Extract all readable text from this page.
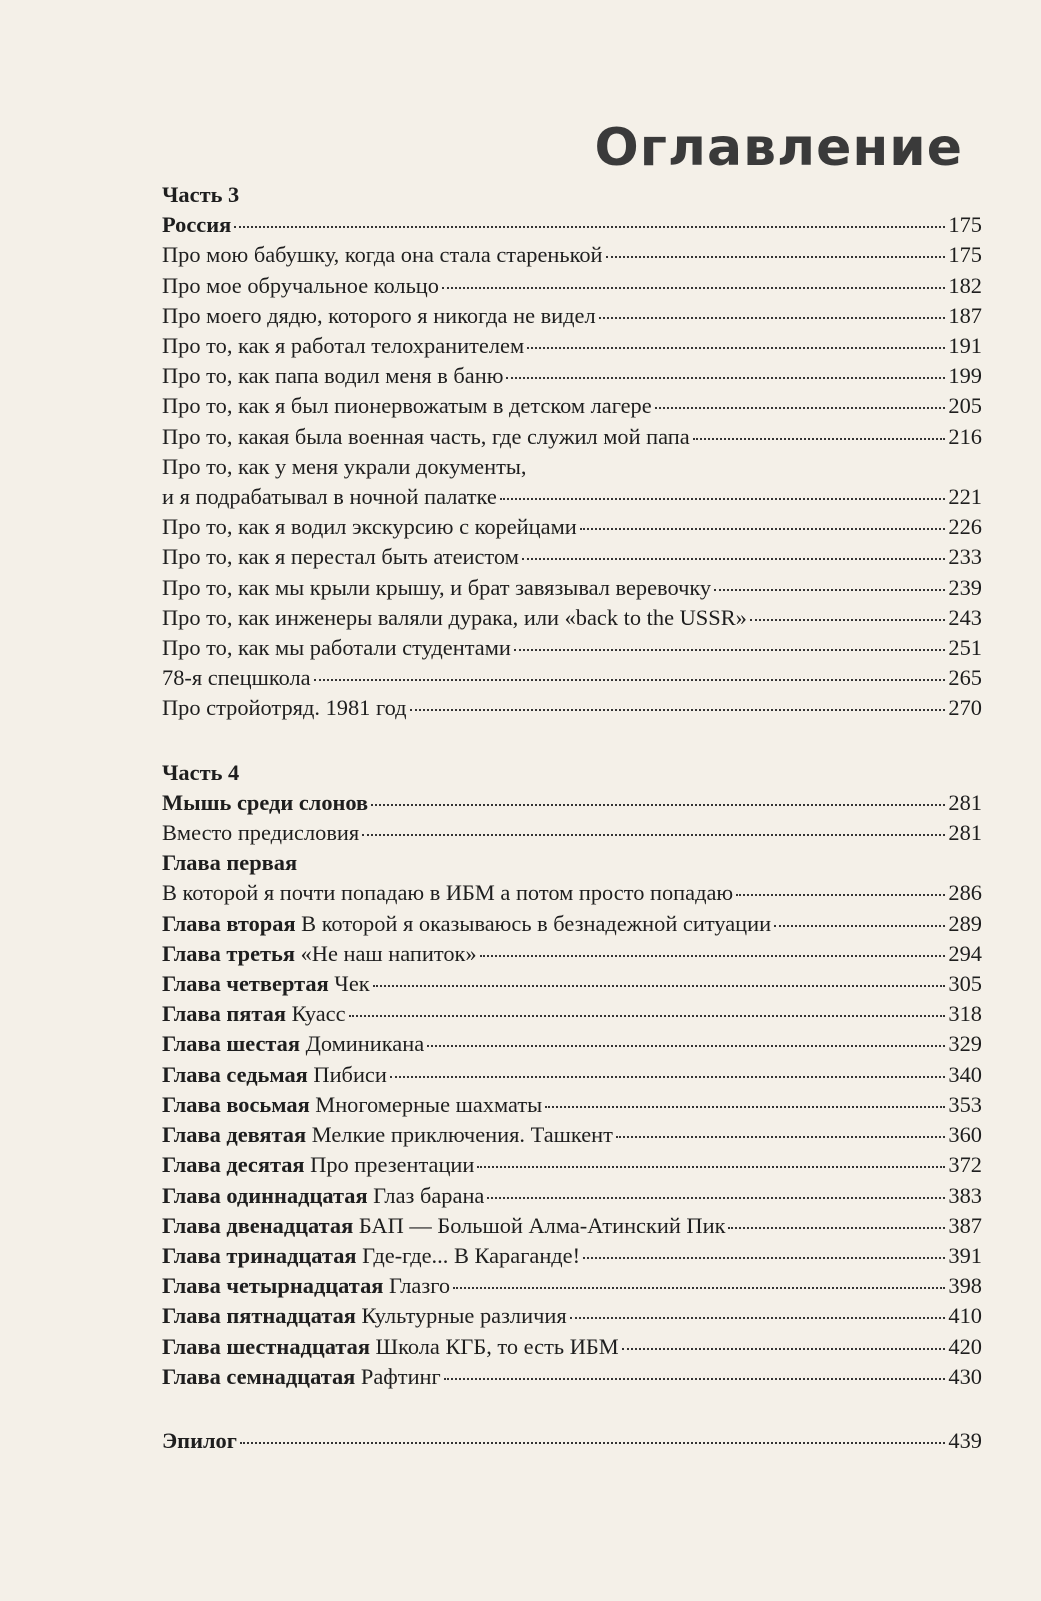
Оглавление
Часть 3
Россия	175
Про мою бабушку, когда она стала старенькой	175
Про мое обручальное кольцо	182
Про моего дядю, которого я никогда не видел	187
Про то, как я работал телохранителем	191
Про то, как папа водил меня в баню	199
Про то, как я был пионервожатым в детском лагере	205
Про то, какая была военная часть, где служил мой папа	216
Про то, как у меня украли документы,
и я подрабатывал в ночной палатке	221
Про то, как я водил экскурсию с корейцами	226
Про то, как я перестал быть атеистом	233
Про то, как мы крыли крышу, и брат завязывал веревочку	239
Про то, как инженеры валяли дурака, или «back to the USSR»	243
Про то, как мы работали студентами	251
78-я спецшкола	265
Про стройотряд. 1981 год	270
Часть 4
Мышь среди слонов	281
Вместо предисловия	281
Глава первая
В которой я почти попадаю в ИБМ а потом просто попадаю	286
Глава вторая В которой я оказываюсь в безнадежной ситуации	289
Глава третья «Не наш напиток»	294
Глава четвертая Чек	305
Глава пятая Куасс	318
Глава шестая Доминикана	329
Глава седьмая Пибиси	340
Глава восьмая Многомерные шахматы	353
Глава девятая Мелкие приключения. Ташкент	360
Глава десятая Про презентации	372
Глава одиннадцатая Глаз барана	383
Глава двенадцатая БАП — Большой Алма-Атинский Пик	387
Глава тринадцатая Где-где... В Караганде!	391
Глава четырнадцатая Глазго	398
Глава пятнадцатая Культурные различия	410
Глава шестнадцатая Школа КГБ, то есть ИБМ	420
Глава семнадцатая Рафтинг	430
Эпилог	439
